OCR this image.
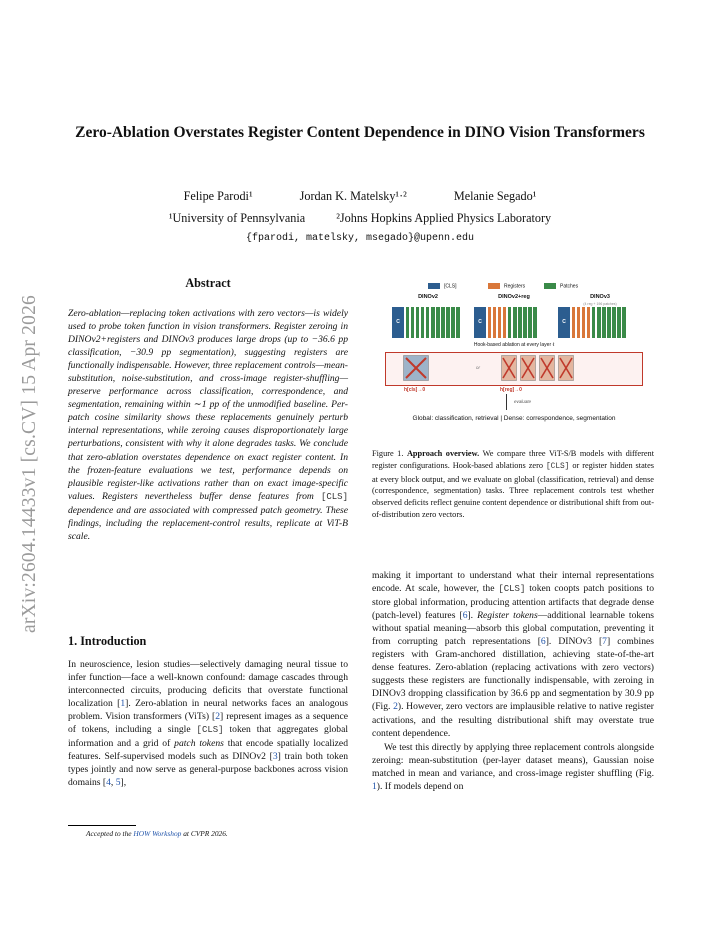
Zero-Ablation Overstates Register Content Dependence in DINO Vision Transformers
Felipe Parodi¹	Jordan K. Matelsky¹·²	Melanie Segado¹
¹University of Pennsylvania	²Johns Hopkins Applied Physics Laboratory
{fparodi, matelsky, msegado}@upenn.edu
arXiv:2604.14433v1 [cs.CV] 15 Apr 2026
Abstract
Zero-ablation—replacing token activations with zero vectors—is widely used to probe token function in vision transformers. Register zeroing in DINOv2+registers and DINOv3 produces large drops (up to −36.6 pp classification, −30.9 pp segmentation), suggesting registers are functionally indispensable. However, three replacement controls—mean-substitution, noise-substitution, and cross-image register-shuffling—preserve performance across classification, correspondence, and segmentation, remaining within ∼1 pp of the unmodified baseline. Per-patch cosine similarity shows these replacements genuinely perturb internal representations, while zeroing causes disproportionately large perturbations, consistent with why it alone degrades tasks. We conclude that zero-ablation overstates dependence on exact register content. In the frozen-feature evaluations we test, performance depends on plausible register-like activations rather than on exact image-specific values. Registers nevertheless buffer dense features from [CLS] dependence and are associated with compressed patch geometry. These findings, including the replacement-control results, replicate at ViT-B scale.
1. Introduction
In neuroscience, lesion studies—selectively damaging neural tissue to infer function—face a well-known confound: damage cascades through interconnected circuits, producing deficits that overstate functional localization [1]. Zero-ablation in neural networks faces an analogous problem. Vision transformers (ViTs) [2] represent images as a sequence of tokens, including a single [CLS] token that aggregates global information and a grid of patch tokens that encode spatially localized features. Self-supervised models such as DINOv2 [3] train both token types jointly and now serve as general-purpose backbones across vision domains [4, 5],
Accepted to the HOW Workshop at CVPR 2026.
[CLS]	Registers	Patches
DINOv2	DINOv2+reg	DINOv3
(4 reg + 196 patches)
C	C	C
Hook-based ablation at every layer ℓ
or
h[cls]→0	h[reg]→0
evaluate
Global: classification, retrieval | Dense: correspondence, segmentation
Figure 1. Approach overview. We compare three ViT-S/B models with different register configurations. Hook-based ablations zero [CLS] or register hidden states at every block output, and we evaluate on global (classification, retrieval) and dense (correspondence, segmentation) tasks. Three replacement controls test whether observed deficits reflect genuine content dependence or distributional shift from out-of-distribution zero vectors.

making it important to understand what their internal representations encode. At scale, however, the [CLS] token coopts patch positions to store global information, producing attention artifacts that degrade dense (patch-level) features [6]. Register tokens—additional learnable tokens without spatial meaning—absorb this global computation, preventing it from corrupting patch representations [6]. DINOv3 [7] combines registers with Gram-anchored distillation, achieving state-of-the-art dense features. Zero-ablation (replacing activations with zero vectors) suggests these registers are functionally indispensable, with zeroing in DINOv3 dropping classification by 36.6 pp and segmentation by 30.9 pp (Fig. 2). However, zero vectors are implausible relative to native register activations, and the resulting distributional shift may overstate true content dependence.

We test this directly by applying three replacement controls alongside zeroing: mean-substitution (per-layer dataset means), Gaussian noise matched in mean and variance, and cross-image register shuffling (Fig. 1). If models depend on
